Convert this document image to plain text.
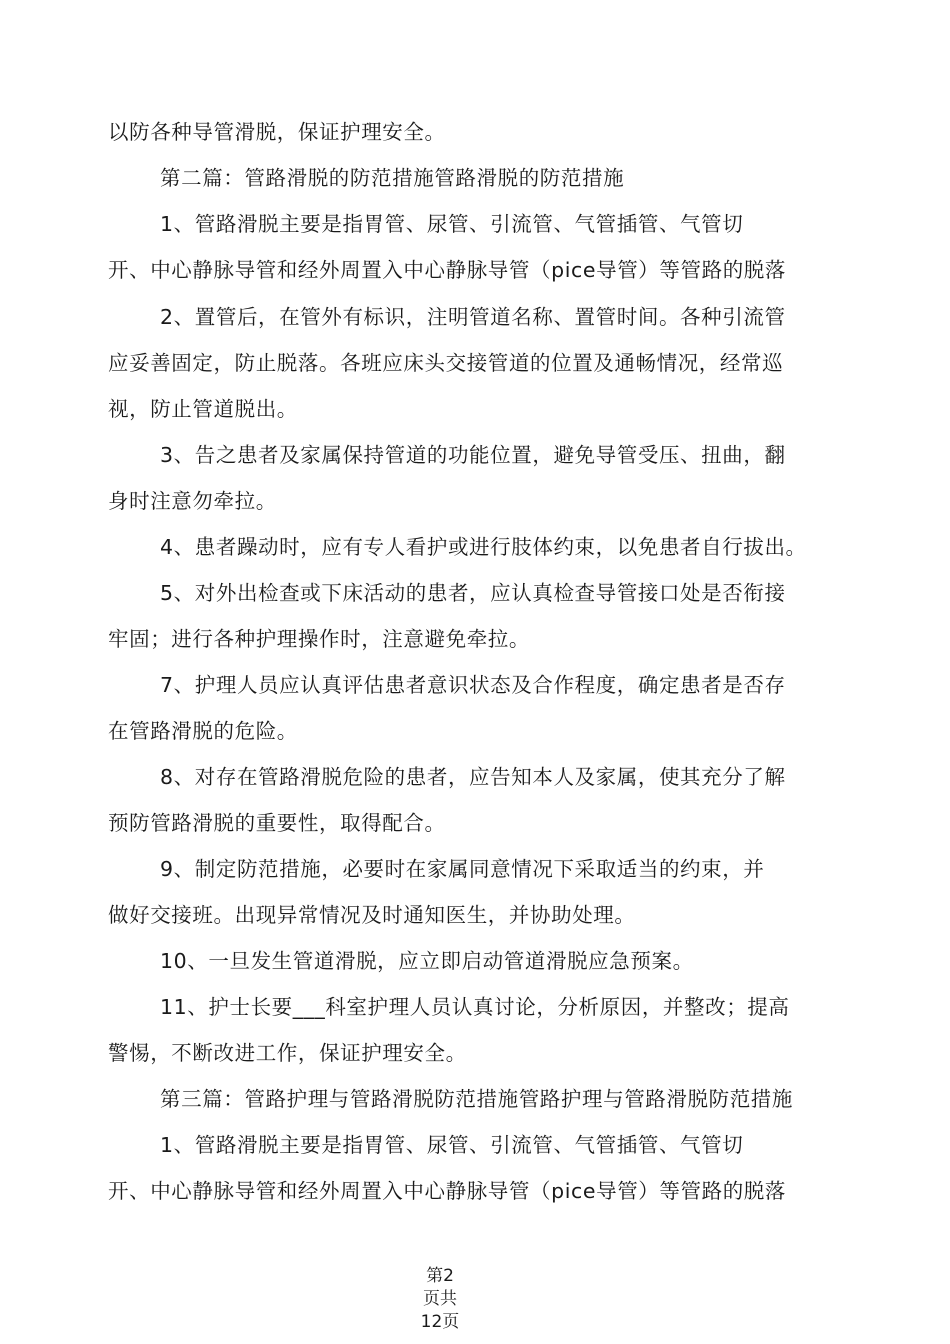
以防各种导管滑脱，保证护理安全。
第二篇：管路滑脱的防范措施管路滑脱的防范措施
1、管路滑脱主要是指胃管、尿管、引流管、气管插管、气管切
开、中心静脉导管和经外周置入中心静脉导管（pice导管）等管路的脱落
2、置管后，在管外有标识，注明管道名称、置管时间。各种引流管
应妥善固定，防止脱落。各班应床头交接管道的位置及通畅情况，经常巡
视，防止管道脱出。
3、告之患者及家属保持管道的功能位置，避免导管受压、扭曲，翻
身时注意勿牵拉。
4、患者躁动时，应有专人看护或进行肢体约束，以免患者自行拔出。
5、对外出检查或下床活动的患者，应认真检查导管接口处是否衔接
牢固；进行各种护理操作时，注意避免牵拉。
7、护理人员应认真评估患者意识状态及合作程度，确定患者是否存
在管路滑脱的危险。
8、对存在管路滑脱危险的患者，应告知本人及家属，使其充分了解
预防管路滑脱的重要性，取得配合。
9、制定防范措施，必要时在家属同意情况下采取适当的约束，并
做好交接班。出现异常情况及时通知医生，并协助处理。
10、一旦发生管道滑脱，应立即启动管道滑脱应急预案。
11、护士长要___科室护理人员认真讨论，分析原因，并整改；提高
警惕，不断改进工作，保证护理安全。
第三篇：管路护理与管路滑脱防范措施管路护理与管路滑脱防范措施
1、管路滑脱主要是指胃管、尿管、引流管、气管插管、气管切
开、中心静脉导管和经外周置入中心静脉导管（pice导管）等管路的脱落
第2
页共
12页
